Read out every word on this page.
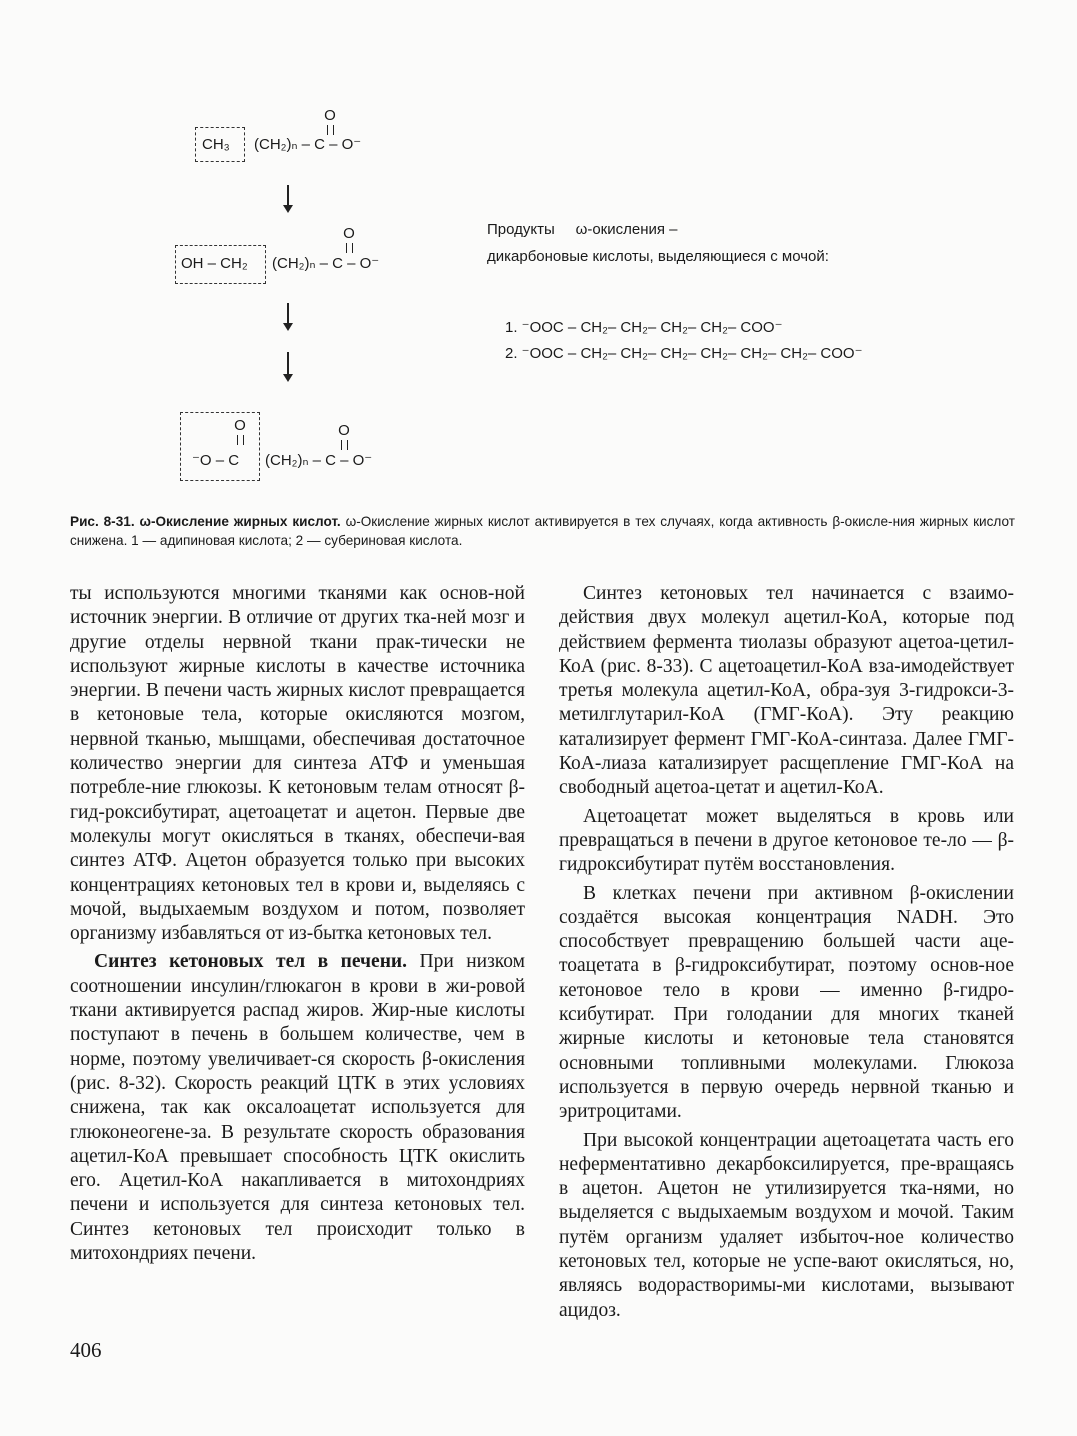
O
CH₃ (CH₂)ₙ – C – O⁻
O
OH – CH₂ (CH₂)ₙ – C – O⁻
O	O
⁻O – C (CH₂)ₙ – C – O⁻
Продукты     ω-окисления –
дикарбоновые кислоты, выделяющиеся с мочой:
1. ⁻OOC – CH₂– CH₂– CH₂– CH₂– COO⁻
2. ⁻OOC – CH₂– CH₂– CH₂– CH₂– CH₂– CH₂– COO⁻
Рис. 8-31. ω-Окисление жирных кислот. ω-Окисление жирных кислот активируется в тех случаях, когда активность β-окисле-ния жирных кислот снижена. 1 — адипиновая кислота; 2 — субериновая кислота.

ты используются многими тканями как основ-ной источник энергии. В отличие от других тка-ней мозг и другие отделы нервной ткани прак-тически не используют жирные кислоты в качестве источника энергии. В печени часть жирных кислот превращается в кетоновые тела, которые окисляются мозгом, нервной тканью, мышцами, обеспечивая достаточное количество энергии для синтеза АТФ и уменьшая потребле-ние глюкозы. К кетоновым телам относят β-гид-роксибутират, ацетоацетат и ацетон. Первые две молекулы могут окисляться в тканях, обеспечи-вая синтез АТФ. Ацетон образуется только при высоких концентрациях кетоновых тел в крови и, выделяясь с мочой, выдыхаемым воздухом и потом, позволяет организму избавляться от из-бытка кетоновых тел.

Синтез кетоновых тел в печени. При низком соотношении инсулин/глюкагон в крови в жи-ровой ткани активируется распад жиров. Жир-ные кислоты поступают в печень в большем количестве, чем в норме, поэтому увеличивает-ся скорость β-окисления (рис. 8-32). Скорость реакций ЦТК в этих условиях снижена, так как оксалоацетат используется для глюконеогене-за. В результате скорость образования ацетил-КоА превышает способность ЦТК окислить его. Ацетил-КоА накапливается в митохондриях печени и используется для синтеза кетоновых тел. Синтез кетоновых тел происходит только в митохондриях печени.

Синтез кетоновых тел начинается с взаимо-действия двух молекул ацетил-КоА, которые под действием фермента тиолазы образуют ацетоа-цетил-КоА (рис. 8-33). С ацетоацетил-КоА вза-имодействует третья молекула ацетил-КоА, обра-зуя 3-гидрокси-3-метилглутарил-КоА (ГМГ-КоА). Эту реакцию катализирует фермент ГМГ-КоА-синтаза. Далее ГМГ-КоА-лиаза катализирует расщепление ГМГ-КоА на свободный ацетоа-цетат и ацетил-КоА.

Ацетоацетат может выделяться в кровь или превращаться в печени в другое кетоновое те-ло — β-гидроксибутират путём восстановления.

В клетках печени при активном β-окислении создаётся высокая концентрация NADH. Это способствует превращению большей части аце-тоацетата в β-гидроксибутират, поэтому основ-ное кетоновое тело в крови — именно β-гидро-ксибутират. При голодании для многих тканей жирные кислоты и кетоновые тела становятся основными топливными молекулами. Глюкоза используется в первую очередь нервной тканью и эритроцитами.

При высокой концентрации ацетоацетата часть его неферментативно декарбоксилируется, пре-вращаясь в ацетон. Ацетон не утилизируется тка-нями, но выделяется с выдыхаемым воздухом и мочой. Таким путём организм удаляет избыточ-ное количество кетоновых тел, которые не успе-вают окисляться, но, являясь водорастворимы-ми кислотами, вызывают ацидоз.

406
